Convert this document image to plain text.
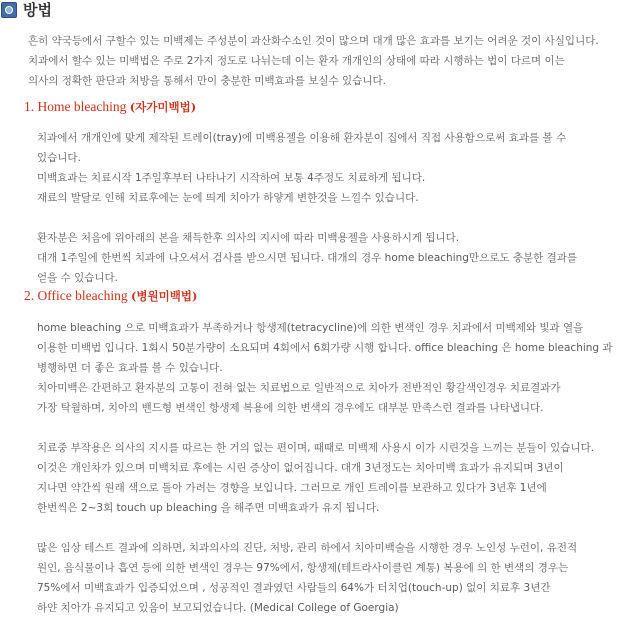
방법
흔히 약국등에서 구할수 있는 미백제는 주성분이 과산화수소인 것이 많으며 대개 많은 효과를 보기는 어려운 것이 사실입니다.
치과에서 할수 있는 미백법은 주로 2가지 정도로 나뉘는데 이는 환자 개개인의 상태에 따라 시행하는 법이 다르며 이는
의사의 정확한 판단과 처방을 통해서 만이 충분한 미백효과를 보실수 있습니다.
1. Home bleaching (자가미백법)
치과에서 개개인에 맞게 제작된 트레이(tray)에 미백용젤을 이용해 환자분이 집에서 직접 사용함으로써 효과를 볼 수
있습니다.
미백효과는 치료시작 1주일후부터 나타나기 시작하여 보통 4주정도 치료하게 됩니다.
재료의 발달로 인해 치료후에는 눈에 띄게 치아가 하얗게 변한것을 느낄수 있습니다.
환자분은 처음에 위아래의 본을 채득한후 의사의 지시에 따라 미백용젤을 사용하시게 됩니다.
대개 1주일에 한번씩 치과에 나오셔서 검사를 받으시면 됩니다. 대개의 경우 home bleaching만으로도 충분한 결과를
얻을 수 있습니다.
2. Office bleaching (병원미백법)
home bleaching 으로 미백효과가 부족하거나 항생제(tetracycline)에 의한 변색인 경우 치과에서 미백제와 빛과 열을
이용한 미백법 입니다. 1회시 50분가량이 소요되며 4회에서 6회가량 시행 합니다. office bleaching 은 home bleaching 과
병행하면 더 좋은 효과를 볼 수 있습니다.
치아미백은 간편하고 환자분의 고통이 전혀 없는 치료법으로 일반적으로 치아가 전반적인 황갈색인경우 치료결과가
가장 탁월하며, 치아의 밴드형 변색인 항생제 복용에 의한 변색의 경우에도 대부분 만족스런 결과를 나타냅니다.
치료중 부작용은 의사의 지시를 따르는 한 거의 없는 편이며, 때때로 미백제 사용시 이가 시린것을 느끼는 분들이 있습니다.
이것은 개인차가 있으며 미백치료 후에는 시린 증상이 없어집니다. 대개 3년정도는 치아미백 효과가 유지되며 3년이
지나면 약간씩 원래 색으로 돌아 가려는 경향을 보입니다. 그러므로 개인 트레이를 보관하고 있다가 3년후 1년에
한번씩은 2~3회 touch up bleaching 을 해주면 미백효과가 유지 됩니다.
많은 임상 테스트 결과에 의하면, 치과의사의 진단, 처방, 관리 하에서 치아미백술을 시행한 경우 노인성 누런이, 유전적
원인, 음식물이나 흡연 등에 의한 변색인 경우는 97%에서, 항생제(테트라사이클린 계통) 복용에 의 한 변색의 경우는
75%에서 미백효과가 입증되었으며 , 성공적인 결과였던 사람들의 64%가 터치업(touch-up) 없이 치료후 3년간
하얀 치아가 유지되고 있음이 보고되었습니다. (Medical College of Goergia)
